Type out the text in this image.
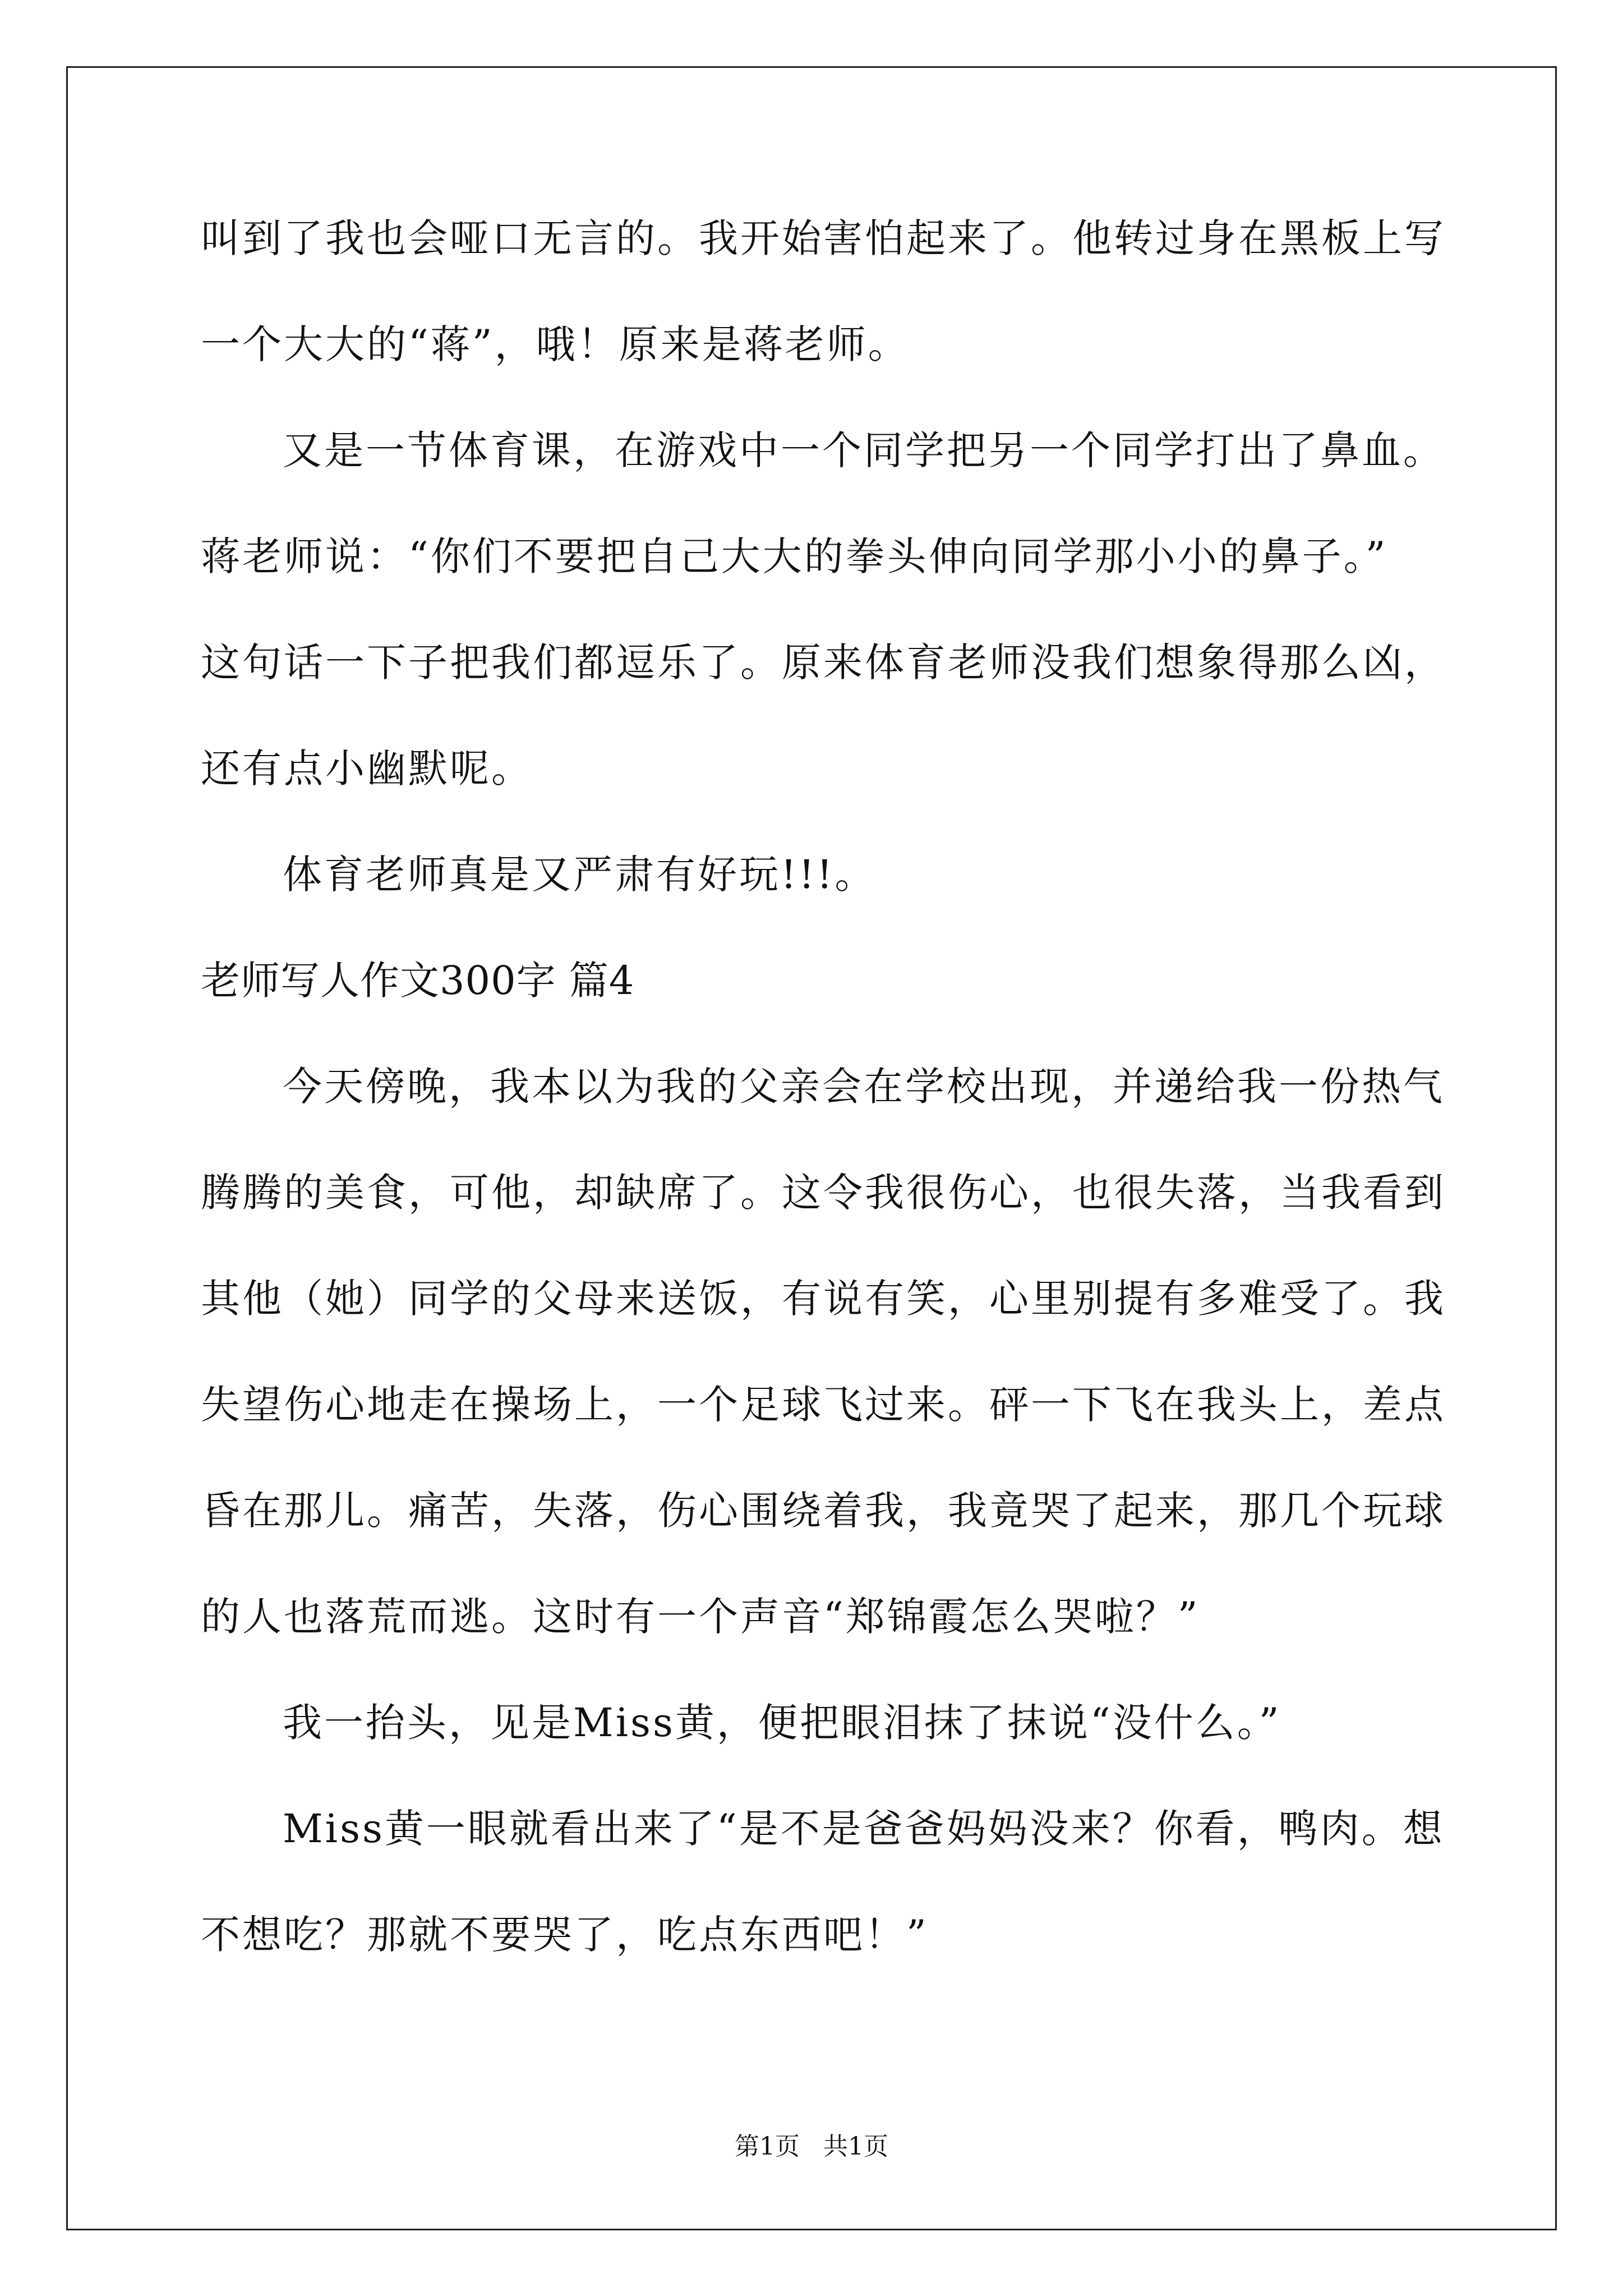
叫到了我也会哑口无言的。我开始害怕起来了。他转过身在黑板上写
一个大大的“蒋”，哦！原来是蒋老师。
又是一节体育课，在游戏中一个同学把另一个同学打出了鼻血。
蒋老师说：“你们不要把自己大大的拳头伸向同学那小小的鼻子。”
这句话一下子把我们都逗乐了。原来体育老师没我们想象得那么凶，
还有点小幽默呢。
体育老师真是又严肃有好玩!!!。
老师写人作文300字 篇4
今天傍晚，我本以为我的父亲会在学校出现，并递给我一份热气
腾腾的美食，可他，却缺席了。这令我很伤心，也很失落，当我看到
其他（她）同学的父母来送饭，有说有笑，心里别提有多难受了。我
失望伤心地走在操场上，一个足球飞过来。砰一下飞在我头上，差点
昏在那儿。痛苦，失落，伤心围绕着我，我竟哭了起来，那几个玩球
的人也落荒而逃。这时有一个声音“郑锦霞怎么哭啦？”
我一抬头，见是Miss黄，便把眼泪抹了抹说“没什么。”
Miss黄一眼就看出来了“是不是爸爸妈妈没来？你看，鸭肉。想
不想吃？那就不要哭了，吃点东西吧！”
第1页   共1页
